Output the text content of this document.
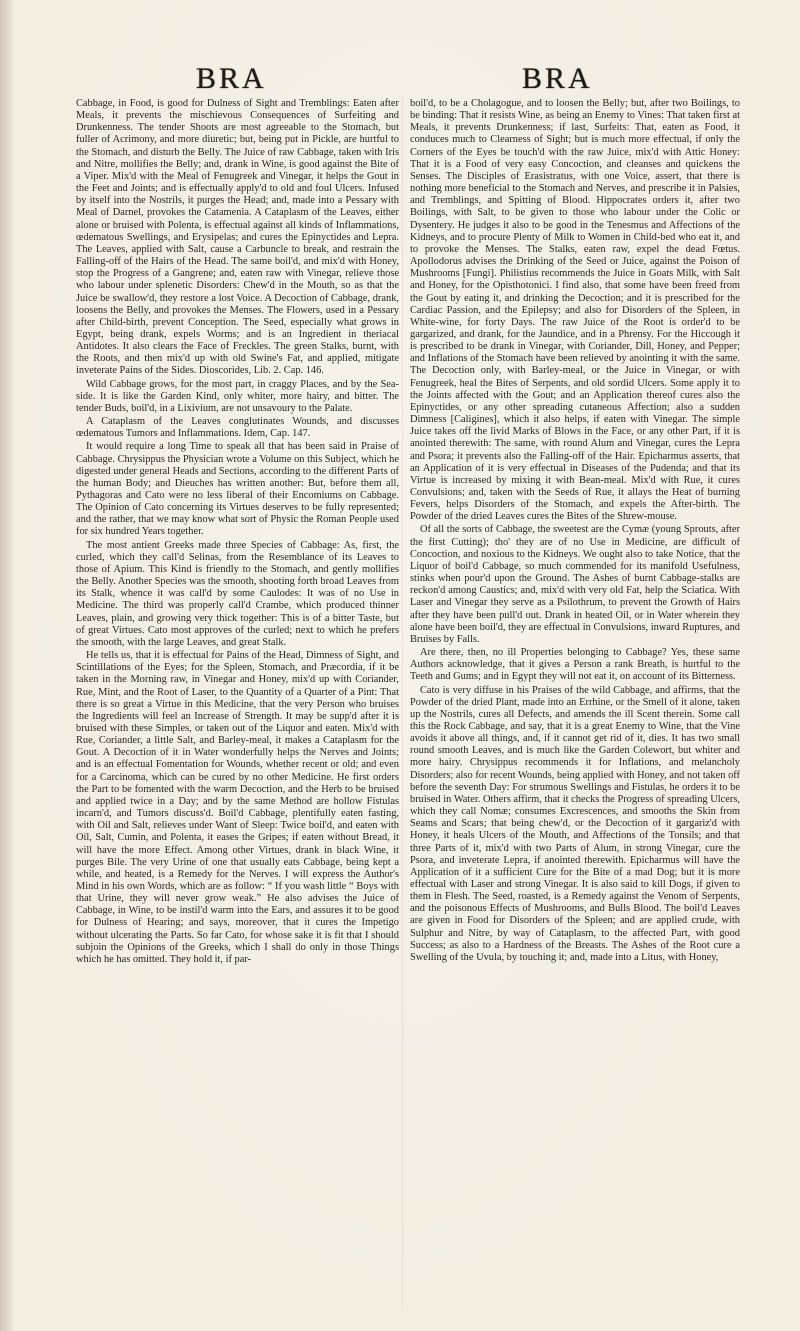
BRA	BRA

Cabbage, in Food, is good for Dulness of Sight and Tremblings: Eaten after Meals, it prevents the mischievous Consequences of Surfeiting and Drunkenness. The tender Shoots are most agreeable to the Stomach, but fuller of Acrimony, and more diuretic; but, being put in Pickle, are hurtful to the Stomach, and disturb the Belly. The Juice of raw Cabbage, taken with Iris and Nitre, mollifies the Belly; and, drank in Wine, is good against the Bite of a Viper. Mix'd with the Meal of Fenugreek and Vinegar, it helps the Gout in the Feet and Joints; and is effectually apply'd to old and foul Ulcers. Infused by itself into the Nostrils, it purges the Head; and, made into a Pessary with Meal of Darnel, provokes the Catamenia. A Cataplasm of the Leaves, either alone or bruised with Polenta, is effectual against all kinds of Inflammations, œdematous Swellings, and Erysipelas; and cures the Epinyctides and Lepra. The Leaves, applied with Salt, cause a Carbuncle to break, and restrain the Falling-off of the Hairs of the Head. The same boil'd, and mix'd with Honey, stop the Progress of a Gangrene; and, eaten raw with Vinegar, relieve those who labour under splenetic Disorders: Chew'd in the Mouth, so as that the Juice be swallow'd, they restore a lost Voice. A Decoction of Cabbage, drank, loosens the Belly, and provokes the Menses. The Flowers, used in a Pessary after Child-birth, prevent Conception. The Seed, especially what grows in Egypt, being drank, expels Worms; and is an Ingredient in theriacal Antidotes. It also clears the Face of Freckles. The green Stalks, burnt, with the Roots, and then mix'd up with old Swine's Fat, and applied, mitigate inveterate Pains of the Sides. Dioscorides, Lib. 2. Cap. 146.

Wild Cabbage grows, for the most part, in craggy Places, and by the Sea-side. It is like the Garden Kind, only whiter, more hairy, and bitter. The tender Buds, boil'd, in a Lixivium, are not unsavoury to the Palate.

A Cataplasm of the Leaves conglutinates Wounds, and discusses œdematous Tumors and Inflammations. Idem, Cap. 147.

It would require a long Time to speak all that has been said in Praise of Cabbage. Chrysippus the Physician wrote a Volume on this Subject, which he digested under general Heads and Sections, according to the different Parts of the human Body; and Dieuches has written another: But, before them all, Pythagoras and Cato were no less liberal of their Encomiums on Cabbage. The Opinion of Cato concerning its Virtues deserves to be fully represented; and the rather, that we may know what sort of Physic the Roman People used for six hundred Years together.

The most antient Greeks made three Species of Cabbage: As, first, the curled, which they call'd Selinas, from the Resemblance of its Leaves to those of Apium. This Kind is friendly to the Stomach, and gently mollifies the Belly. Another Species was the smooth, shooting forth broad Leaves from its Stalk, whence it was call'd by some Caulodes: It was of no Use in Medicine. The third was properly call'd Crambe, which produced thinner Leaves, plain, and growing very thick together: This is of a bitter Taste, but of great Virtues. Cato most approves of the curled; next to which he prefers the smooth, with the large Leaves, and great Stalk.

He tells us, that it is effectual for Pains of the Head, Dimness of Sight, and Scintillations of the Eyes; for the Spleen, Stomach, and Præcordia, if it be taken in the Morning raw, in Vinegar and Honey, mix'd up with Coriander, Rue, Mint, and the Root of Laser, to the Quantity of a Quarter of a Pint: That there is so great a Virtue in this Medicine, that the very Person who bruises the Ingredients will feel an Increase of Strength. It may be supp'd after it is bruised with these Simples, or taken out of the Liquor and eaten. Mix'd with Rue, Coriander, a little Salt, and Barley-meal, it makes a Cataplasm for the Gout. A Decoction of it in Water wonderfully helps the Nerves and Joints; and is an effectual Fomentation for Wounds, whether recent or old; and even for a Carcinoma, which can be cured by no other Medicine. He first orders the Part to be fomented with the warm Decoction, and the Herb to be bruised and applied twice in a Day; and by the same Method are hollow Fistulas incarn'd, and Tumors discuss'd. Boil'd Cabbage, plentifully eaten fasting, with Oil and Salt, relieves under Want of Sleep: Twice boil'd, and eaten with Oil, Salt, Cumin, and Polenta, it eases the Gripes; if eaten without Bread, it will have the more Effect. Among other Virtues, drank in black Wine, it purges Bile. The very Urine of one that usually eats Cabbage, being kept a while, and heated, is a Remedy for the Nerves. I will express the Author's Mind in his own Words, which are as follow: “ If you wash little “ Boys with that Urine, they will never grow weak.” He also advises the Juice of Cabbage, in Wine, to be instil'd warm into the Ears, and assures it to be good for Dulness of Hearing; and says, moreover, that it cures the Impetigo without ulcerating the Parts. So far Cato, for whose sake it is fit that I should subjoin the Opinions of the Greeks, which I shall do only in those Things which he has omitted. They hold it, if par-

boil'd, to be a Cholagogue, and to loosen the Belly; but, after two Boilings, to be binding: That it resists Wine, as being an Enemy to Vines: That taken first at Meals, it prevents Drunkenness; if last, Surfeits: That, eaten as Food, it conduces much to Clearness of Sight; but is much more effectual, if only the Corners of the Eyes be touch'd with the raw Juice, mix'd with Attic Honey: That it is a Food of very easy Concoction, and cleanses and quickens the Senses. The Disciples of Erasistratus, with one Voice, assert, that there is nothing more beneficial to the Stomach and Nerves, and prescribe it in Palsies, and Tremblings, and Spitting of Blood. Hippocrates orders it, after two Boilings, with Salt, to be given to those who labour under the Colic or Dysentery. He judges it also to be good in the Tenesmus and Affections of the Kidneys, and to procure Plenty of Milk to Women in Child-bed who eat it, and to provoke the Menses. The Stalks, eaten raw, expel the dead Fœtus. Apollodorus advises the Drinking of the Seed or Juice, against the Poison of Mushrooms [Fungi]. Philistius recommends the Juice in Goats Milk, with Salt and Honey, for the Opisthotonici. I find also, that some have been freed from the Gout by eating it, and drinking the Decoction; and it is prescribed for the Cardiac Passion, and the Epilepsy; and also for Disorders of the Spleen, in White-wine, for forty Days. The raw Juice of the Root is order'd to be gargarized, and drank, for the Jaundice, and in a Phrensy. For the Hiccough it is prescribed to be drank in Vinegar, with Coriander, Dill, Honey, and Pepper; and Inflations of the Stomach have been relieved by anointing it with the same. The Decoction only, with Barley-meal, or the Juice in Vinegar, or with Fenugreek, heal the Bites of Serpents, and old sordid Ulcers. Some apply it to the Joints affected with the Gout; and an Application thereof cures also the Epinyctides, or any other spreading cutaneous Affection; also a sudden Dimness [Caligines], which it also helps, if eaten with Vinegar. The simple Juice takes off the livid Marks of Blows in the Face, or any other Part, if it is anointed therewith: The same, with round Alum and Vinegar, cures the Lepra and Psora; it prevents also the Falling-off of the Hair. Epicharmus asserts, that an Application of it is very effectual in Diseases of the Pudenda; and that its Virtue is increased by mixing it with Bean-meal. Mix'd with Rue, it cures Convulsions; and, taken with the Seeds of Rue, it allays the Heat of burning Fevers, helps Disorders of the Stomach, and expels the After-birth. The Powder of the dried Leaves cures the Bites of the Shrew-mouse.

Of all the sorts of Cabbage, the sweetest are the Cymæ (young Sprouts, after the first Cutting); tho' they are of no Use in Medicine, are difficult of Concoction, and noxious to the Kidneys. We ought also to take Notice, that the Liquor of boil'd Cabbage, so much commended for its manifold Usefulness, stinks when pour'd upon the Ground. The Ashes of burnt Cabbage-stalks are reckon'd among Caustics; and, mix'd with very old Fat, help the Sciatica. With Laser and Vinegar they serve as a Psilothrum, to prevent the Growth of Hairs after they have been pull'd out. Drank in heated Oil, or in Water wherein they alone have been boil'd, they are effectual in Convulsions, inward Ruptures, and Bruises by Falls.

Are there, then, no ill Properties belonging to Cabbage? Yes, these same Authors acknowledge, that it gives a Person a rank Breath, is hurtful to the Teeth and Gums; and in Egypt they will not eat it, on account of its Bitterness.

Cato is very diffuse in his Praises of the wild Cabbage, and affirms, that the Powder of the dried Plant, made into an Errhine, or the Smell of it alone, taken up the Nostrils, cures all Defects, and amends the ill Scent therein. Some call this the Rock Cabbage, and say, that it is a great Enemy to Wine, that the Vine avoids it above all things, and, if it cannot get rid of it, dies. It has two small round smooth Leaves, and is much like the Garden Colewort, but whiter and more hairy. Chrysippus recommends it for Inflations, and melancholy Disorders; also for recent Wounds, being applied with Honey, and not taken off before the seventh Day: For strumous Swellings and Fistulas, he orders it to be bruised in Water. Others affirm, that it checks the Progress of spreading Ulcers, which they call Nomæ; consumes Excrescences, and smooths the Skin from Seams and Scars; that being chew'd, or the Decoction of it gargariz'd with Honey, it heals Ulcers of the Mouth, and Affections of the Tonsils; and that three Parts of it, mix'd with two Parts of Alum, in strong Vinegar, cure the Psora, and inveterate Lepra, if anointed therewith. Epicharmus will have the Application of it a sufficient Cure for the Bite of a mad Dog; but it is more effectual with Laser and strong Vinegar. It is also said to kill Dogs, if given to them in Flesh. The Seed, roasted, is a Remedy against the Venom of Serpents, and the poisonous Effects of Mushrooms, and Bulls Blood. The boil'd Leaves are given in Food for Disorders of the Spleen; and are applied crude, with Sulphur and Nitre, by way of Cataplasm, to the affected Part, with good Success; as also to a Hardness of the Breasts. The Ashes of the Root cure a Swelling of the Uvula, by touching it; and, made into a Litus, with Honey,
